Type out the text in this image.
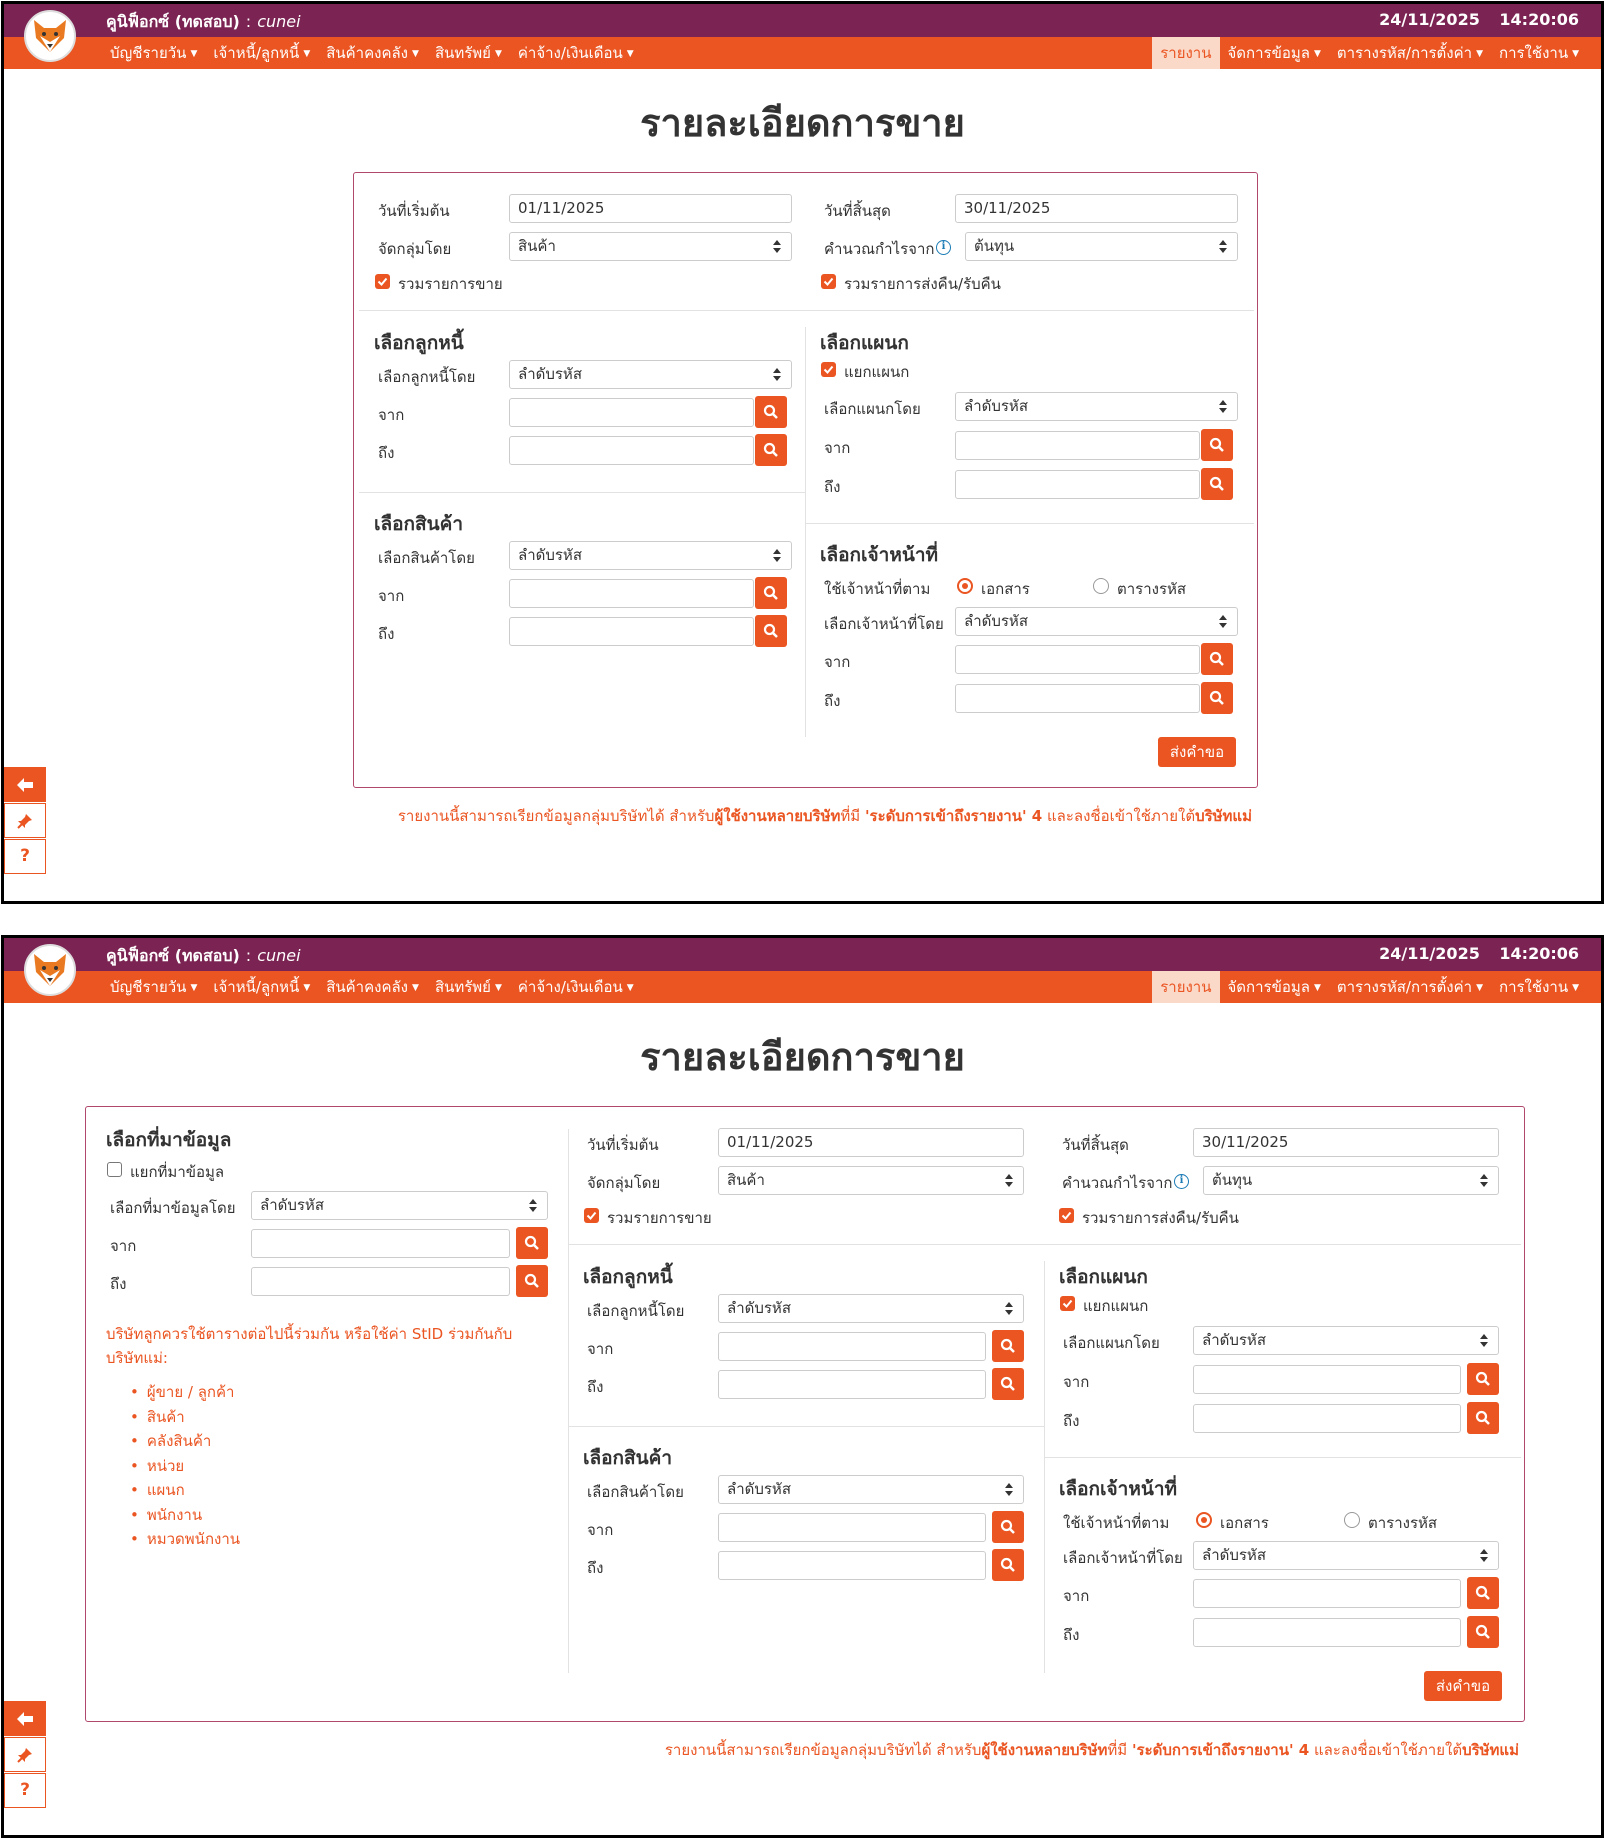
คูนิฟ็อกซ์ (ทดสอบ) : cunei	24/11/2025 14:20:06
บัญชีรายวัน ▼	เจ้าหนี้/ลูกหนี้ ▼	สินค้าคงคลัง ▼	สินทรัพย์ ▼	ค่าจ้าง/เงินเดือน ▼	รายงาน	จัดการข้อมูล ▼	ตารางรหัส/การตั้งค่า ▼	การใช้งาน ▼
รายละเอียดการขาย
วันที่เริ่มต้น	01/11/2025	วันที่สิ้นสุด	30/11/2025
จัดกลุ่มโดย	สินค้า	คำนวณกำไรจาก i	ต้นทุน
รวมรายการขาย	รวมรายการส่งคืน/รับคืน
เลือกลูกหนี้
เลือกลูกหนี้โดย	ลำดับรหัส
จาก
ถึง
เลือกสินค้า
เลือกสินค้าโดย	ลำดับรหัส
จาก
ถึง
เลือกแผนก
แยกแผนก
เลือกแผนกโดย	ลำดับรหัส
จาก
ถึง
เลือกเจ้าหน้าที่
ใช้เจ้าหน้าที่ตาม	เอกสาร	ตารางรหัส
เลือกเจ้าหน้าที่โดย	ลำดับรหัส
จาก
ถึง
ส่งคำขอ
รายงานนี้สามารถเรียกข้อมูลกลุ่มบริษัทได้ สำหรับผู้ใช้งานหลายบริษัทที่มี 'ระดับการเข้าถึงรายงาน' 4 และลงชื่อเข้าใช้ภายใต้บริษัทแม่
?
คูนิฟ็อกซ์ (ทดสอบ) : cunei	24/11/2025 14:20:06
บัญชีรายวัน ▼	เจ้าหนี้/ลูกหนี้ ▼	สินค้าคงคลัง ▼	สินทรัพย์ ▼	ค่าจ้าง/เงินเดือน ▼	รายงาน	จัดการข้อมูล ▼	ตารางรหัส/การตั้งค่า ▼	การใช้งาน ▼
รายละเอียดการขาย
เลือกที่มาข้อมูล
แยกที่มาข้อมูล
เลือกที่มาข้อมูลโดย	ลำดับรหัส
จาก
ถึง
บริษัทลูกควรใช้ตารางต่อไปนี้ร่วมกัน หรือใช้ค่า StID ร่วมกันกับบริษัทแม่:
• ผู้ขาย / ลูกค้า
• สินค้า
• คลังสินค้า
• หน่วย
• แผนก
• พนักงาน
• หมวดพนักงาน
วันที่เริ่มต้น	01/11/2025	วันที่สิ้นสุด	30/11/2025
จัดกลุ่มโดย	สินค้า	คำนวณกำไรจาก i	ต้นทุน
รวมรายการขาย	รวมรายการส่งคืน/รับคืน
เลือกลูกหนี้
เลือกลูกหนี้โดย	ลำดับรหัส
จาก
ถึง
เลือกสินค้า
เลือกสินค้าโดย	ลำดับรหัส
จาก
ถึง
เลือกแผนก
แยกแผนก
เลือกแผนกโดย	ลำดับรหัส
จาก
ถึง
เลือกเจ้าหน้าที่
ใช้เจ้าหน้าที่ตาม	เอกสาร	ตารางรหัส
เลือกเจ้าหน้าที่โดย	ลำดับรหัส
จาก
ถึง
ส่งคำขอ
รายงานนี้สามารถเรียกข้อมูลกลุ่มบริษัทได้ สำหรับผู้ใช้งานหลายบริษัทที่มี 'ระดับการเข้าถึงรายงาน' 4 และลงชื่อเข้าใช้ภายใต้บริษัทแม่
?
